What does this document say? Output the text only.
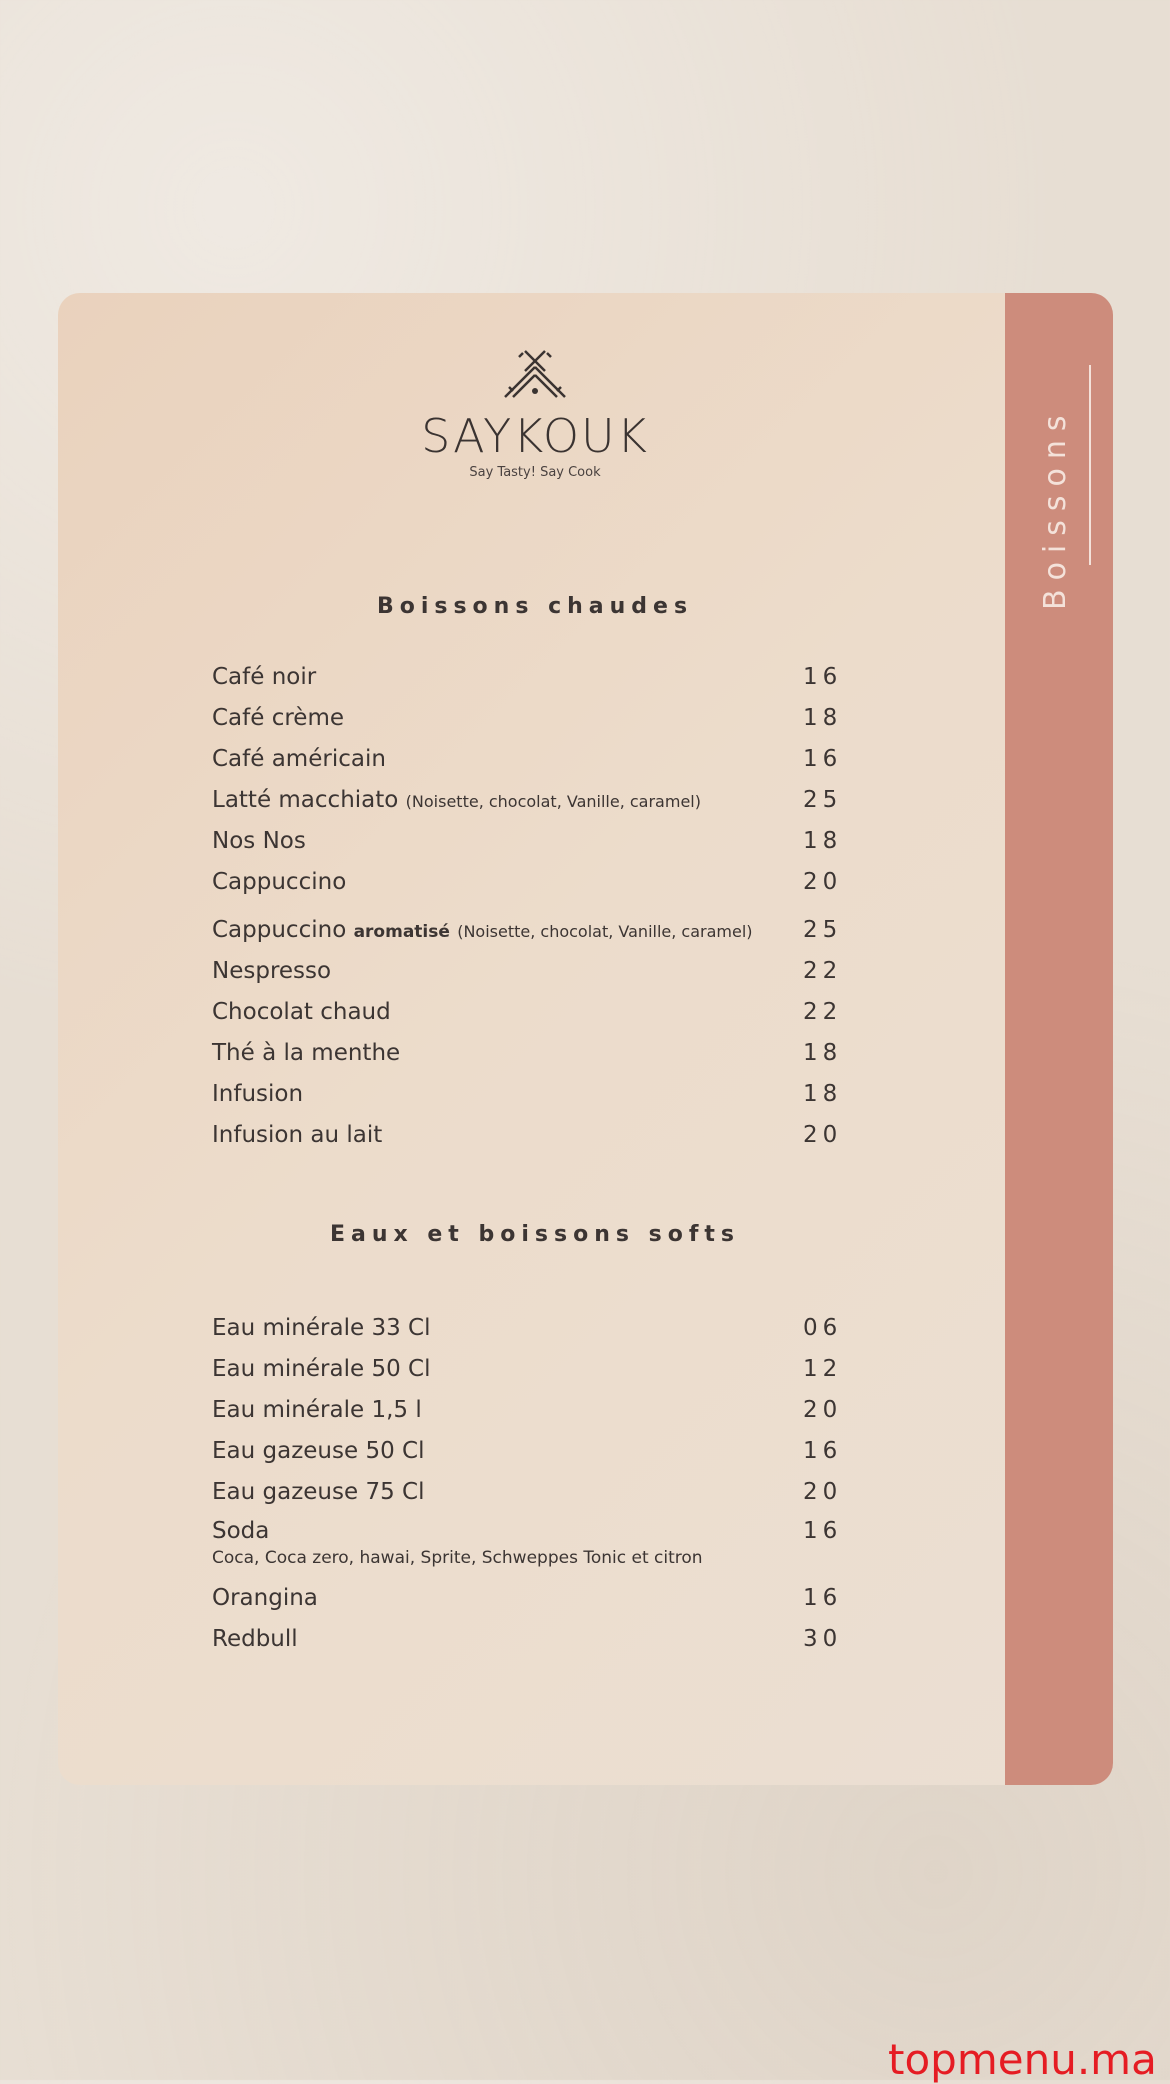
Boissons
SAYKOUK
Say Tasty! Say Cook
Boissons chaudes
Café noir	16
Café crème	18
Café américain	16
Latté macchiato (Noisette, chocolat, Vanille, caramel)	25
Nos Nos	18
Cappuccino	20
Cappuccino aromatisé (Noisette, chocolat, Vanille, caramel)	25
Nespresso	22
Chocolat chaud	22
Thé à la menthe	18
Infusion	18
Infusion au lait	20
Eaux et boissons softs
Eau minérale 33 Cl	06
Eau minérale 50 Cl	12
Eau minérale 1,5 l	20
Eau gazeuse 50 Cl	16
Eau gazeuse 75 Cl	20
Soda	16
Coca, Coca zero, hawai, Sprite, Schweppes Tonic et citron
Orangina	16
Redbull	30
topmenu.ma
